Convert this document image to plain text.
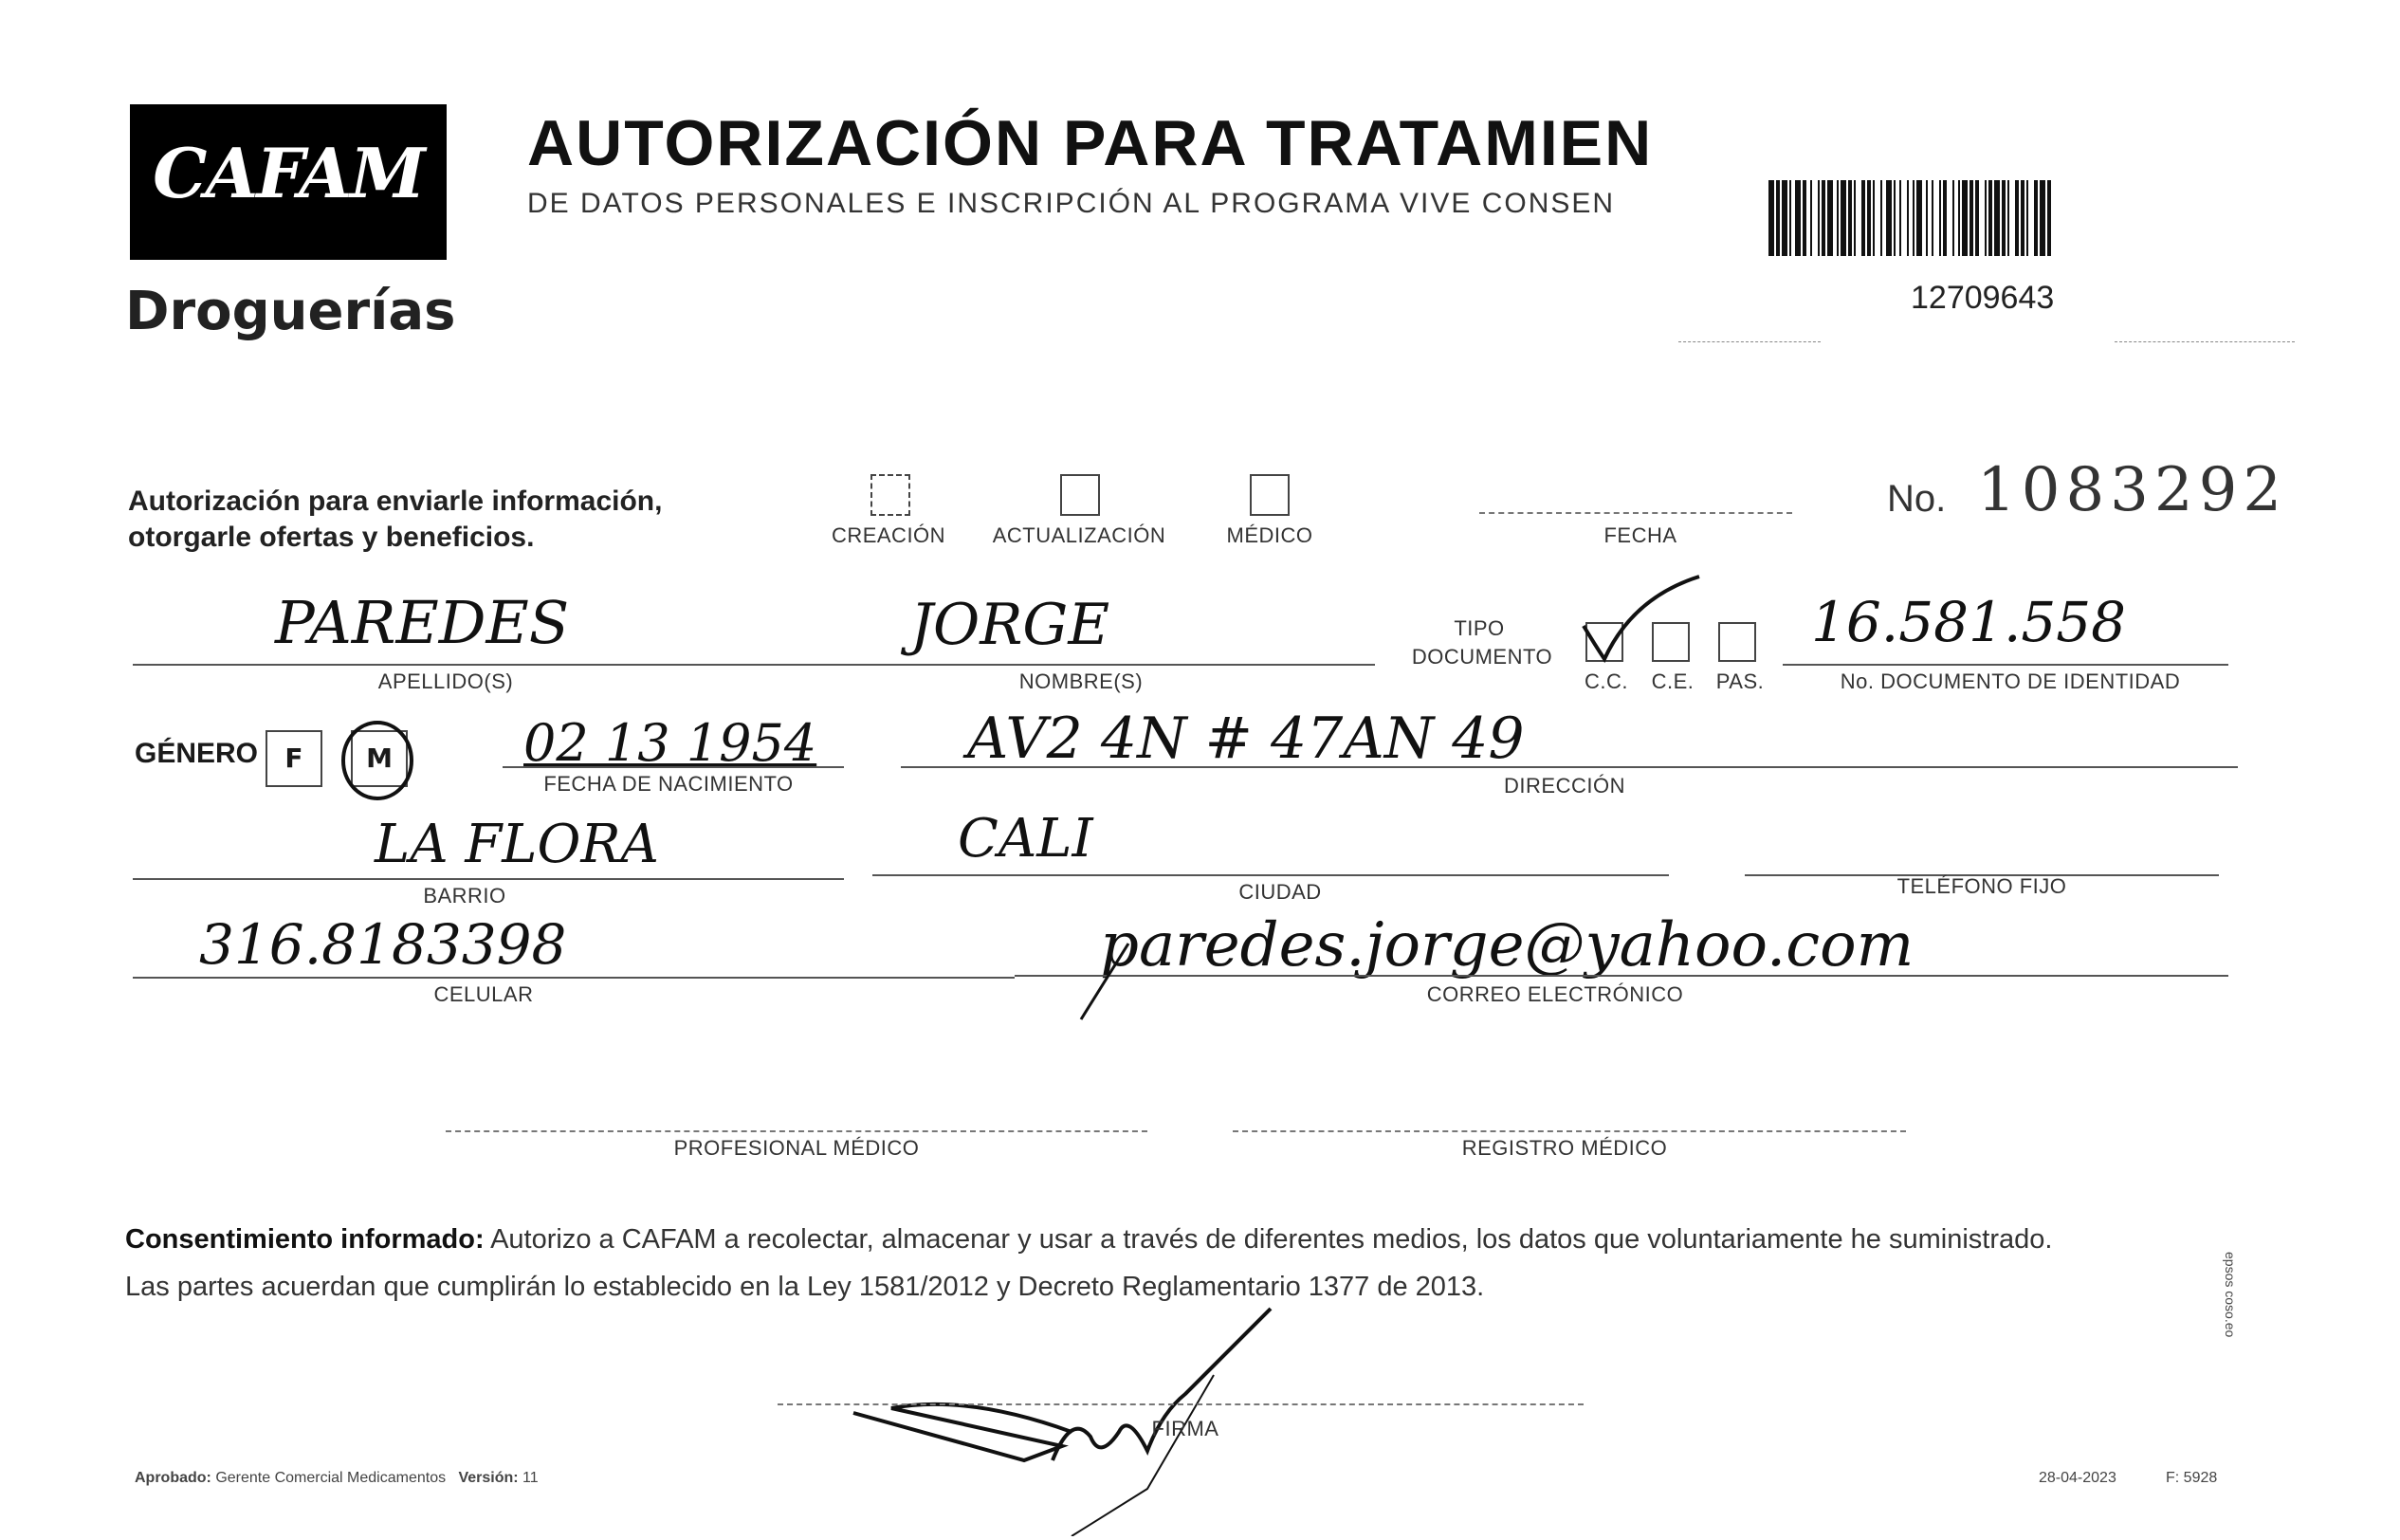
CAFAM
Droguerías
AUTORIZACIÓN PARA TRATAMIEN
DE DATOS PERSONALES E INSCRIPCIÓN AL PROGRAMA VIVE CONSEN
12709643
Autorización para enviarle información,
otorgarle ofertas y beneficios.	CREACIÓN	ACTUALIZACIÓN	MÉDICO	FECHA
No. 1083292
PAREDES
APELLIDO(S)
JORGE
NOMBRE(S)
TIPO
DOCUMENTO
C.C.	C.E.	PAS.
16.581.558
No. DOCUMENTO DE IDENTIDAD
GÉNERO	F	M	02 13 1954
FECHA DE NACIMIENTO
AV2 4N # 47AN 49
DIRECCIÓN
LA FLORA
BARRIO
CALI
CIUDAD	TELÉFONO FIJO
316.8183398
CELULAR
paredes.jorge@yahoo.com
CORREO ELECTRÓNICO
PROFESIONAL MÉDICO	REGISTRO MÉDICO
Consentimiento informado: Autorizo a CAFAM a recolectar, almacenar y usar a través de diferentes medios, los datos que voluntariamente he suministrado.
Las partes acuerdan que cumplirán lo establecido en la Ley 1581/2012 y Decreto Reglamentario 1377 de 2013.
FIRMA
Aprobado: Gerente Comercial Medicamentos Versión: 11	28-04-2023	F: 5928
epsos coso.eo
